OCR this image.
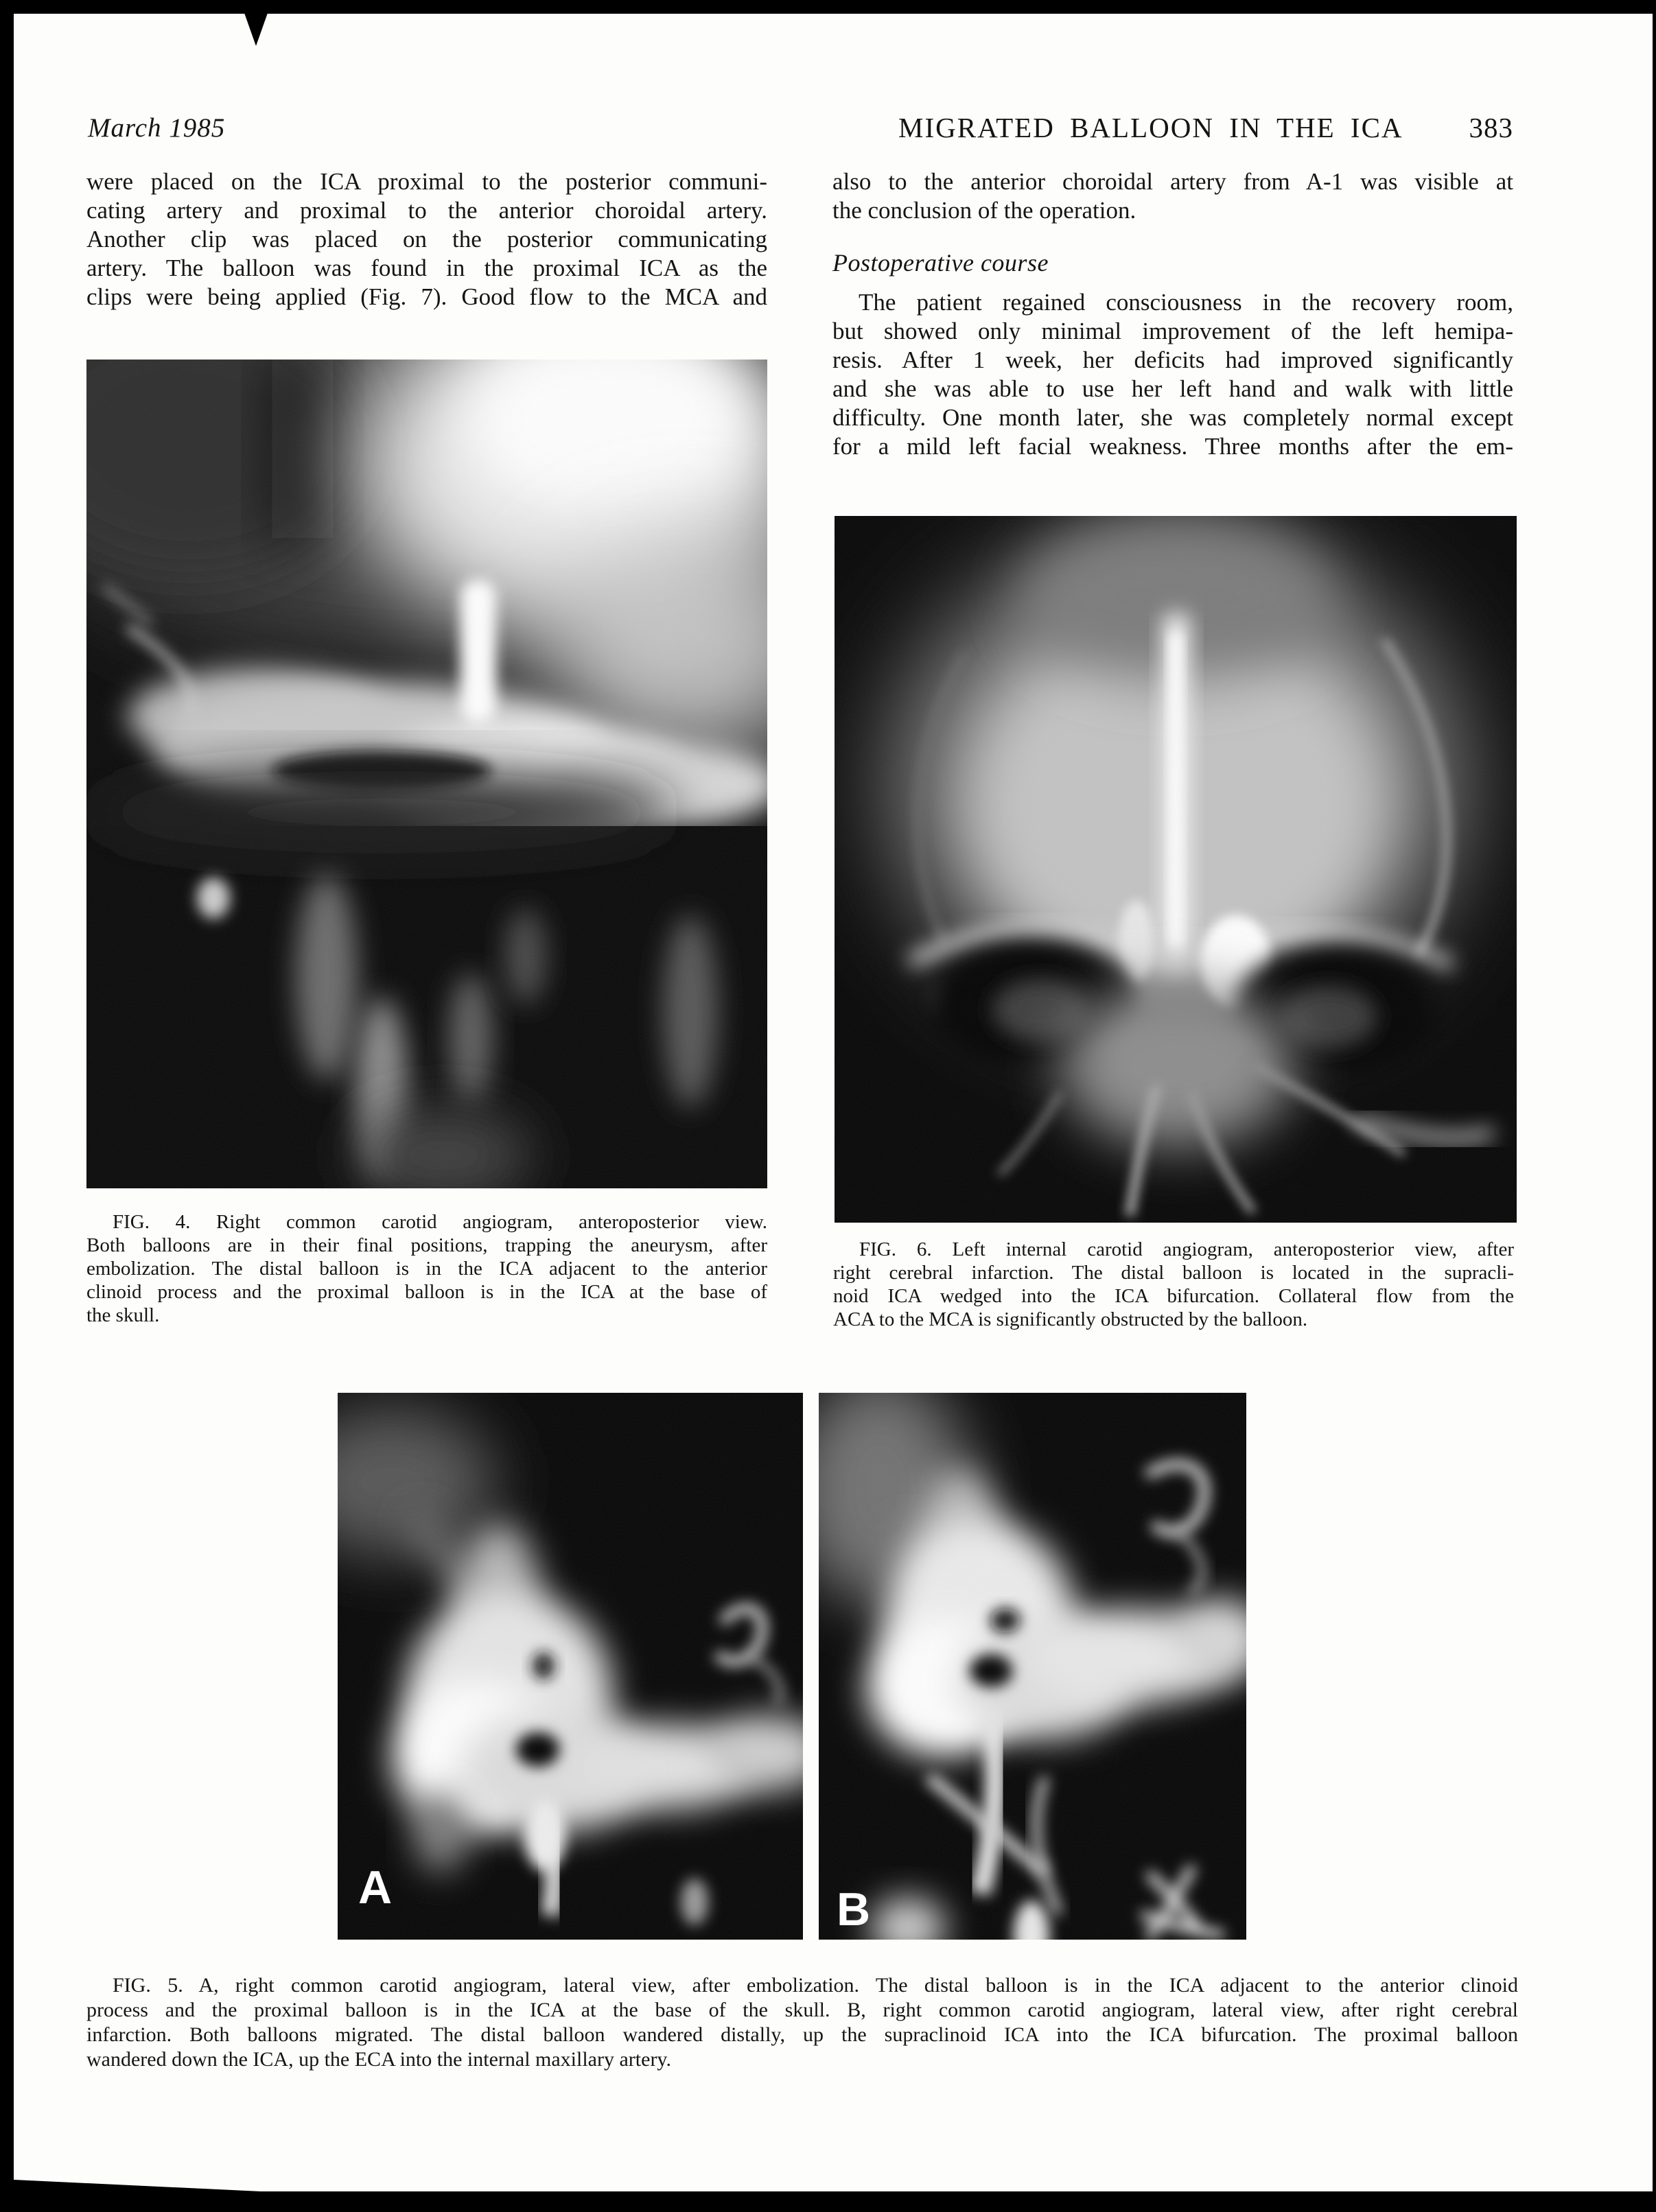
March 1985	MIGRATED BALLOON IN THE ICA 383
were placed on the ICA proximal to the posterior communi-
cating artery and proximal to the anterior choroidal artery.
Another clip was placed on the posterior communicating
artery. The balloon was found in the proximal ICA as the
clips were being applied (Fig. 7). Good flow to the MCA and
also to the anterior choroidal artery from A-1 was visible at
the conclusion of the operation.
Postoperative course
The patient regained consciousness in the recovery room,
but showed only minimal improvement of the left hemipa-
resis. After 1 week, her deficits had improved significantly
and she was able to use her left hand and walk with little
difficulty. One month later, she was completely normal except
for a mild left facial weakness. Three months after the em-
FIG. 4. Right common carotid angiogram, anteroposterior view.
Both balloons are in their final positions, trapping the aneurysm, after
embolization. The distal balloon is in the ICA adjacent to the anterior
clinoid process and the proximal balloon is in the ICA at the base of
the skull.
FIG. 6. Left internal carotid angiogram, anteroposterior view, after
right cerebral infarction. The distal balloon is located in the supracli-
noid ICA wedged into the ICA bifurcation. Collateral flow from the
ACA to the MCA is significantly obstructed by the balloon.
A	B
FIG. 5. A, right common carotid angiogram, lateral view, after embolization. The distal balloon is in the ICA adjacent to the anterior clinoid
process and the proximal balloon is in the ICA at the base of the skull. B, right common carotid angiogram, lateral view, after right cerebral
infarction. Both balloons migrated. The distal balloon wandered distally, up the supraclinoid ICA into the ICA bifurcation. The proximal balloon
wandered down the ICA, up the ECA into the internal maxillary artery.
